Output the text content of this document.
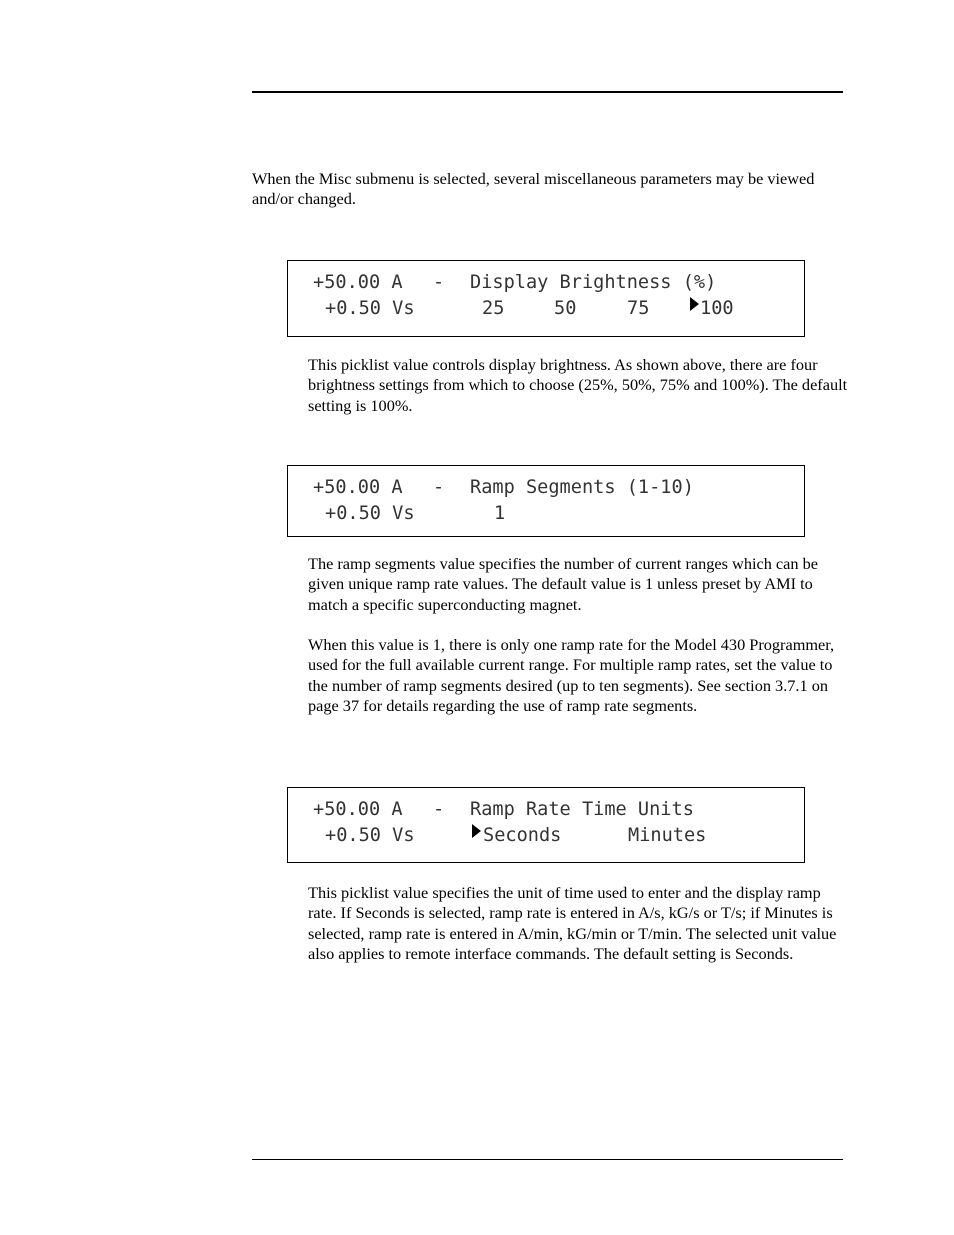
When the Misc submenu is selected, several miscellaneous parameters may be viewed and/or changed.

+50.00 A

-

Display Brightness (%)

+0.50 Vs

	25

	50

	75

	100

This picklist value controls display brightness. As shown above, there are four brightness settings from which to choose (25%, 50%, 75% and 100%). The default setting is 100%.

+50.00 A

-

Ramp Segments (1-10)

+0.50 Vs

	1

The ramp segments value specifies the number of current ranges which can be given unique ramp rate values. The default value is 1 unless preset by AMI to match a specific superconducting magnet.

When this value is 1, there is only one ramp rate for the Model 430 Programmer, used for the full available current range. For multiple ramp rates, set the value to the number of ramp segments desired (up to ten segments). See section 3.7.1 on page 37 for details regarding the use of ramp rate segments.

+50.00 A

-

Ramp Rate Time Units

+0.50 Vs

	Seconds

	Minutes

This picklist value specifies the unit of time used to enter and the display ramp rate. If Seconds is selected, ramp rate is entered in A/s, kG/s or T/s; if Minutes is selected, ramp rate is entered in A/min, kG/min or T/min. The selected unit value also applies to remote interface commands. The default setting is Seconds.
